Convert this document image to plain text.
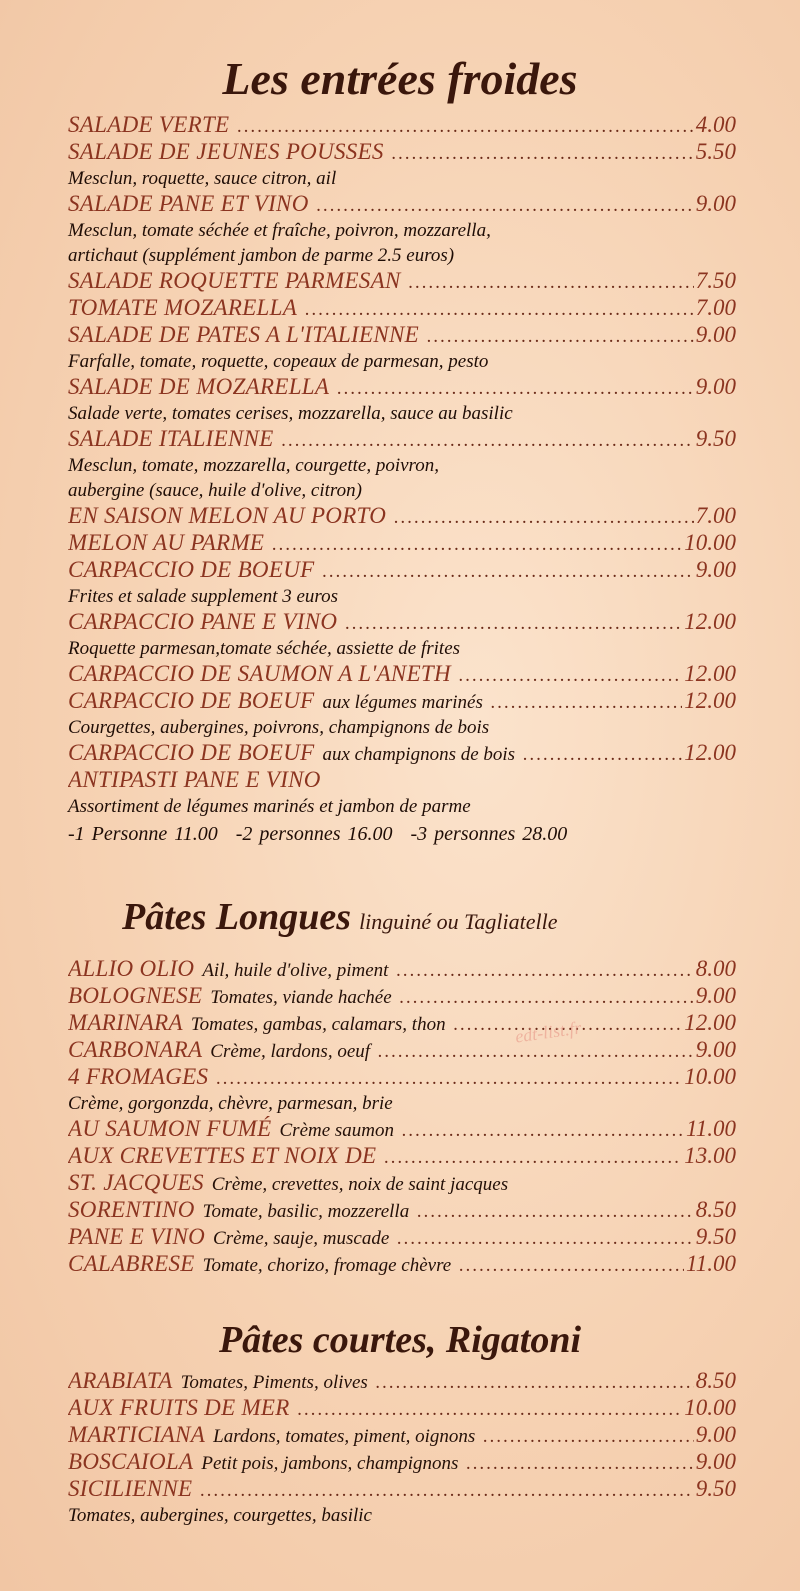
Les entrées froides
SALADE VERTE .....	4.00
SALADE DE JEUNES POUSSES .....	5.50
Mesclun, roquette, sauce citron, ail
SALADE PANE ET VINO .....	9.00
Mesclun, tomate séchée et fraîche, poivron, mozzarella,
artichaut (supplément jambon de parme 2.5 euros)
SALADE ROQUETTE PARMESAN .....	7.50
TOMATE MOZARELLA .....	7.00
SALADE DE PATES A L'ITALIENNE .....	9.00
Farfalle, tomate, roquette, copeaux de parmesan, pesto
SALADE DE MOZARELLA .....	9.00
Salade verte, tomates cerises, mozzarella, sauce au basilic
SALADE ITALIENNE .....	9.50
Mesclun, tomate, mozzarella, courgette, poivron,
aubergine (sauce, huile d'olive, citron)
EN SAISON MELON AU PORTO .....	7.00
MELON AU PARME .....	10.00
CARPACCIO DE BOEUF .....	9.00
Frites et salade supplement 3 euros
CARPACCIO PANE E VINO .....	12.00
Roquette parmesan,tomate séchée, assiette de frites
CARPACCIO DE SAUMON A L'ANETH .....	12.00
CARPACCIO DE BOEUF aux légumes marinés .....	12.00
Courgettes, aubergines, poivrons, champignons de bois
CARPACCIO DE BOEUF aux champignons de bois .....	12.00
ANTIPASTI PANE E VINO
Assortiment de légumes marinés et jambon de parme
-1 Personne 11.00 -2 personnes 16.00 -3 personnes 28.00
Pâtes Longues linguiné ou Tagliatelle
ALLIO OLIO Ail, huile d'olive, piment .....	8.00
BOLOGNESE Tomates, viande hachée .....	9.00
MARINARA Tomates, gambas, calamars, thon .....	12.00
CARBONARA Crème, lardons, oeuf .....	9.00
4 FROMAGES .....	10.00
Crème, gorgonzda, chèvre, parmesan, brie
AU SAUMON FUMÉ Crème saumon .....	11.00
AUX CREVETTES ET NOIX DE .....	13.00
ST. JACQUES Crème, crevettes, noix de saint jacques
SORENTINO Tomate, basilic, mozzerella .....	8.50
PANE E VINO Crème, sauje, muscade .....	9.50
CALABRESE Tomate, chorizo, fromage chèvre .....	11.00
Pâtes courtes, Rigatoni
ARABIATA Tomates, Piments, olives .....	8.50
AUX FRUITS DE MER .....	10.00
MARTICIANA Lardons, tomates, piment, oignons .....	9.00
BOSCAIOLA Petit pois, jambons, champignons .....	9.00
SICILIENNE .....	9.50
Tomates, aubergines, courgettes, basilic
edt-list.fr
